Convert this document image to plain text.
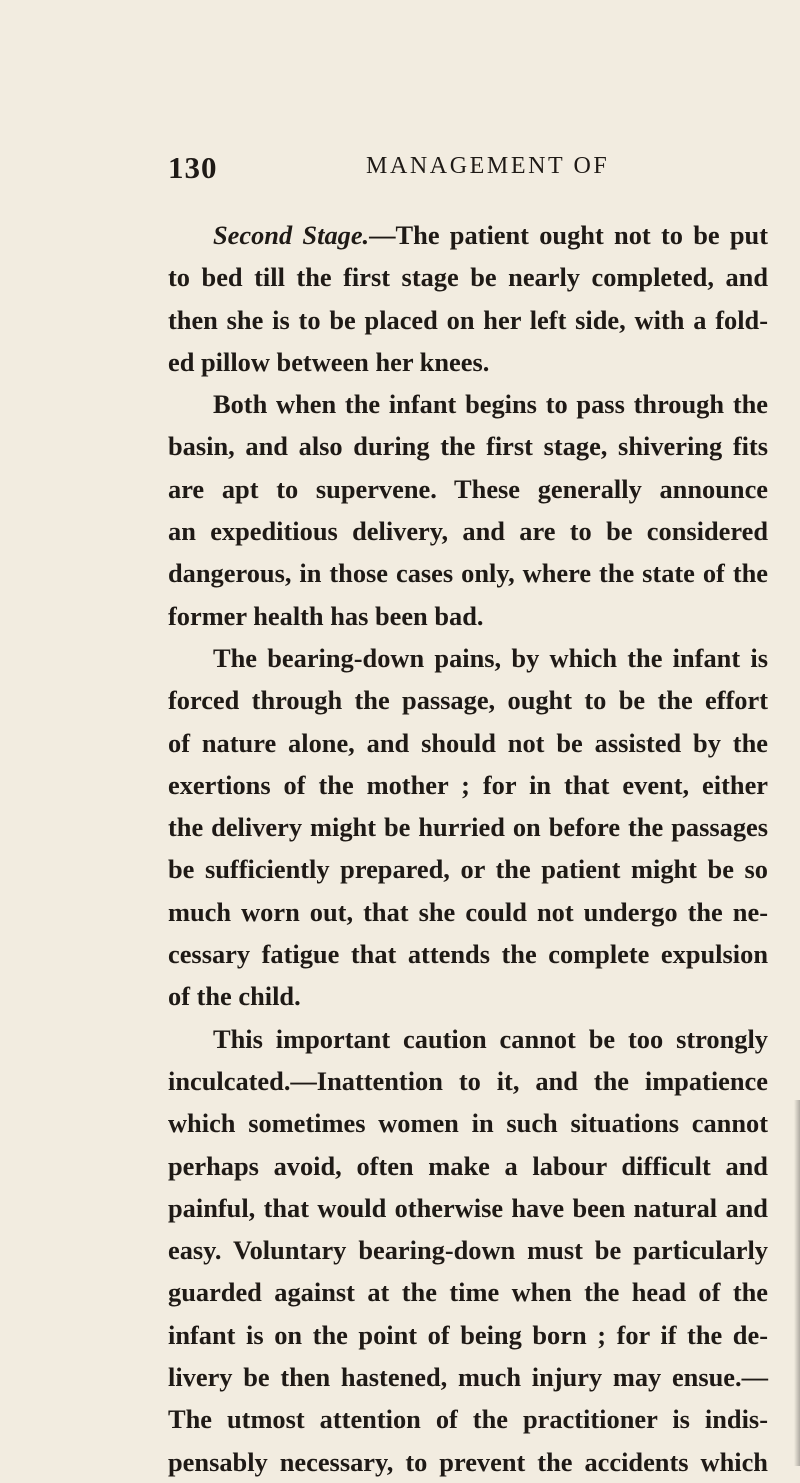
130	MANAGEMENT OF
Second Stage.—The patient ought not to be put
to bed till the first stage be nearly completed, and
then she is to be placed on her left side, with a fold-
ed pillow between her knees.
Both when the infant begins to pass through the
basin, and also during the first stage, shivering fits
are apt to supervene. These generally announce
an expeditious delivery, and are to be considered
dangerous, in those cases only, where the state of the
former health has been bad.
The bearing-down pains, by which the infant is
forced through the passage, ought to be the effort
of nature alone, and should not be assisted by the
exertions of the mother ; for in that event, either
the delivery might be hurried on before the passages
be sufficiently prepared, or the patient might be so
much worn out, that she could not undergo the ne-
cessary fatigue that attends the complete expulsion
of the child.
This important caution cannot be too strongly
inculcated.—Inattention to it, and the impatience
which sometimes women in such situations cannot
perhaps avoid, often make a labour difficult and
painful, that would otherwise have been natural and
easy. Voluntary bearing-down must be particularly
guarded against at the time when the head of the
infant is on the point of being born ; for if the de-
livery be then hastened, much injury may ensue.—
The utmost attention of the practitioner is indis-
pensably necessary, to prevent the accidents which
